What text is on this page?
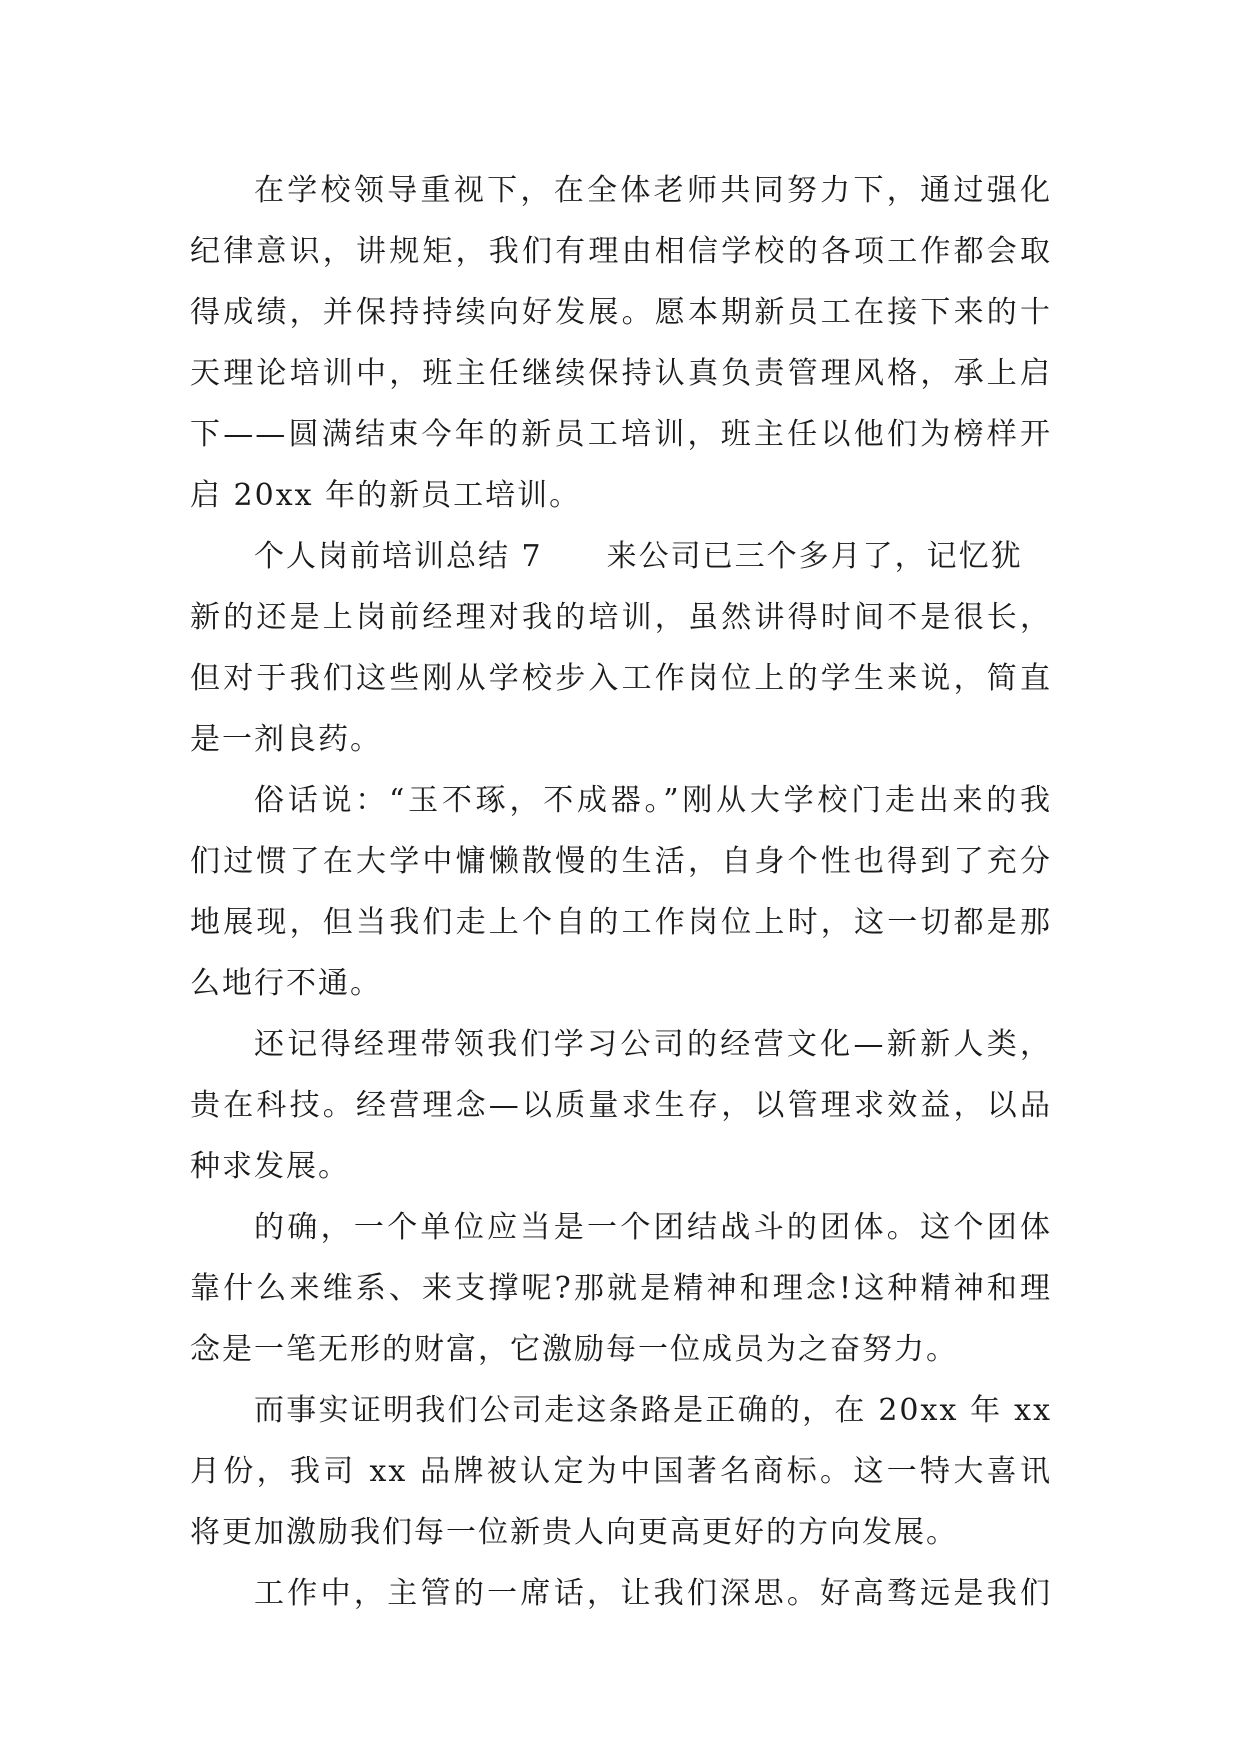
在学校领导重视下，在全体老师共同努力下，通过强化
纪律意识，讲规矩，我们有理由相信学校的各项工作都会取
得成绩，并保持持续向好发展。愿本期新员工在接下来的十
天理论培训中，班主任继续保持认真负责管理风格，承上启
下——圆满结束今年的新员工培训，班主任以他们为榜样开
启 20xx 年的新员工培训。
个人岗前培训总结 7　　来公司已三个多月了，记忆犹
新的还是上岗前经理对我的培训，虽然讲得时间不是很长，
但对于我们这些刚从学校步入工作岗位上的学生来说，简直
是一剂良药。
俗话说：“玉不琢，不成器。”刚从大学校门走出来的我
们过惯了在大学中慵懒散慢的生活，自身个性也得到了充分
地展现，但当我们走上个自的工作岗位上时，这一切都是那
么地行不通。
还记得经理带领我们学习公司的经营文化—新新人类，
贵在科技。经营理念—以质量求生存，以管理求效益，以品
种求发展。
的确，一个单位应当是一个团结战斗的团体。这个团体
靠什么来维系、来支撑呢?那就是精神和理念!这种精神和理
念是一笔无形的财富，它激励每一位成员为之奋努力。
而事实证明我们公司走这条路是正确的，在 20xx 年 xx
月份，我司 xx 品牌被认定为中国著名商标。这一特大喜讯
将更加激励我们每一位新贵人向更高更好的方向发展。
工作中，主管的一席话，让我们深思。好高骛远是我们
